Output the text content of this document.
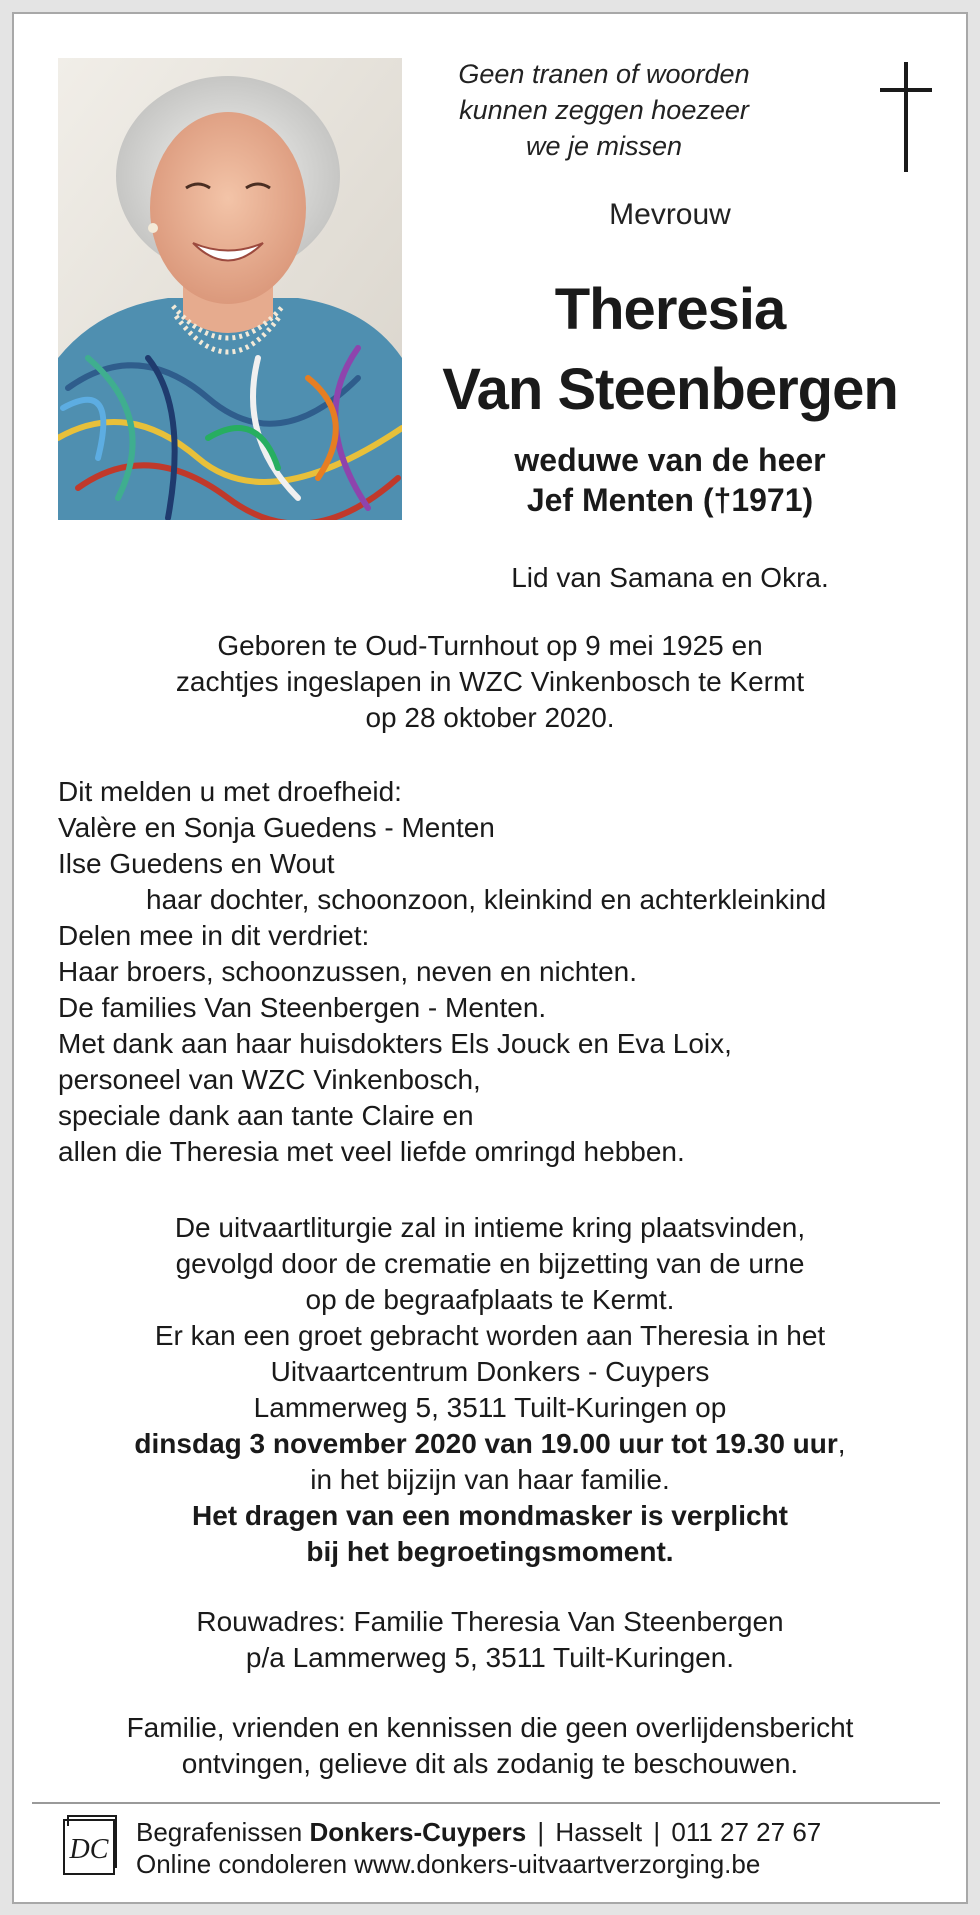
Geen tranen of woorden
kunnen zeggen hoezeer
we je missen
Mevrouw
Theresia
Van Steenbergen
weduwe van de heer
Jef Menten (†1971)
Lid van Samana en Okra.
Geboren te Oud-Turnhout op 9 mei 1925 en
zachtjes ingeslapen in WZC Vinkenbosch te Kermt
op 28 oktober 2020.
Dit melden u met droefheid:
Valère en Sonja Guedens - Menten
Ilse Guedens en Wout
haar dochter, schoonzoon, kleinkind en achterkleinkind
Delen mee in dit verdriet:
Haar broers, schoonzussen, neven en nichten.
De families Van Steenbergen - Menten.
Met dank aan haar huisdokters Els Jouck en Eva Loix,
personeel van WZC Vinkenbosch,
speciale dank aan tante Claire en
allen die Theresia met veel liefde omringd hebben.
De uitvaartliturgie zal in intieme kring plaatsvinden,
gevolgd door de crematie en bijzetting van de urne
op de begraafplaats te Kermt.
Er kan een groet gebracht worden aan Theresia in het
Uitvaartcentrum Donkers - Cuypers
Lammerweg 5, 3511 Tuilt-Kuringen op
dinsdag 3 november 2020 van 19.00 uur tot 19.30 uur,
in het bijzijn van haar familie.
Het dragen van een mondmasker is verplicht
bij het begroetingsmoment.
Rouwadres: Familie Theresia Van Steenbergen
p/a Lammerweg 5, 3511 Tuilt-Kuringen.
Familie, vrienden en kennissen die geen overlijdensbericht
ontvingen, gelieve dit als zodanig te beschouwen.
DC
Begrafenissen Donkers-Cuypers | Hasselt | 011 27 27 67
Online condoleren www.donkers-uitvaartverzorging.be
